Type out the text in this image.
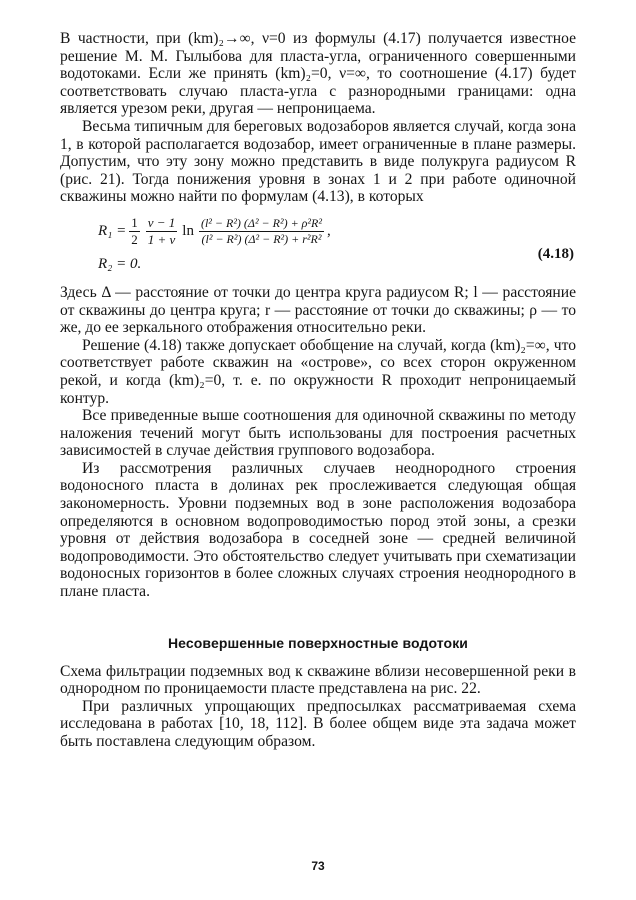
В частности, при (km)₂→∞, ν=0 из формулы (4.17) получается известное решение М. М. Гылыбова для пласта-угла, ограниченного совершенными водотоками. Если же принять (km)₂=0, ν=∞, то соотношение (4.17) будет соответствовать случаю пласта-угла с разнородными границами: одна является урезом реки, другая — непроницаема.

Весьма типичным для береговых водозаборов является случай, когда зона 1, в которой располагается водозабор, имеет ограниченные в плане размеры. Допустим, что эту зону можно представить в виде полукруга радиусом R (рис. 21). Тогда понижения уровня в зонах 1 и 2 при работе одиночной скважины можно найти по формулам (4.13), в которых

$R_1 = \frac{1}{2} \frac{\nu - 1}{1 + \nu}$ $\ln \frac{\text{(l² − R²) (Δ² − R²) + ρ²R²}}{\text{(l² − R²) (Δ² − R²) + r²R²}}$ ,
R₂ = 0.
(4.18)

Здесь Δ — расстояние от точки до центра круга радиусом R; l — расстояние от скважины до центра круга; r — расстояние от точки до скважины; ρ — то же, до ее зеркального отображения относительно реки.

Решение (4.18) также допускает обобщение на случай, когда (km)₂=∞, что соответствует работе скважин на «острове», со всех сторон окруженном рекой, и когда (km)₂=0, т. е. по окружности R проходит непроницаемый контур.

Все приведенные выше соотношения для одиночной скважины по методу наложения течений могут быть использованы для построения расчетных зависимостей в случае действия группового водозабора.

Из рассмотрения различных случаев неоднородного строения водоносного пласта в долинах рек прослеживается следующая общая закономерность. Уровни подземных вод в зоне расположения водозабора определяются в основном водопроводимостью пород этой зоны, а срезки уровня от действия водозабора в соседней зоне — средней величиной водопроводимости. Это обстоятельство следует учитывать при схематизации водоносных горизонтов в более сложных случаях строения неоднородного в плане пласта.

Несовершенные поверхностные водотоки

Схема фильтрации подземных вод к скважине вблизи несовершенной реки в однородном по проницаемости пласте представлена на рис. 22.

При различных упрощающих предпосылках рассматриваемая схема исследована в работах [10, 18, 112]. В более общем виде эта задача может быть поставлена следующим образом.

73
